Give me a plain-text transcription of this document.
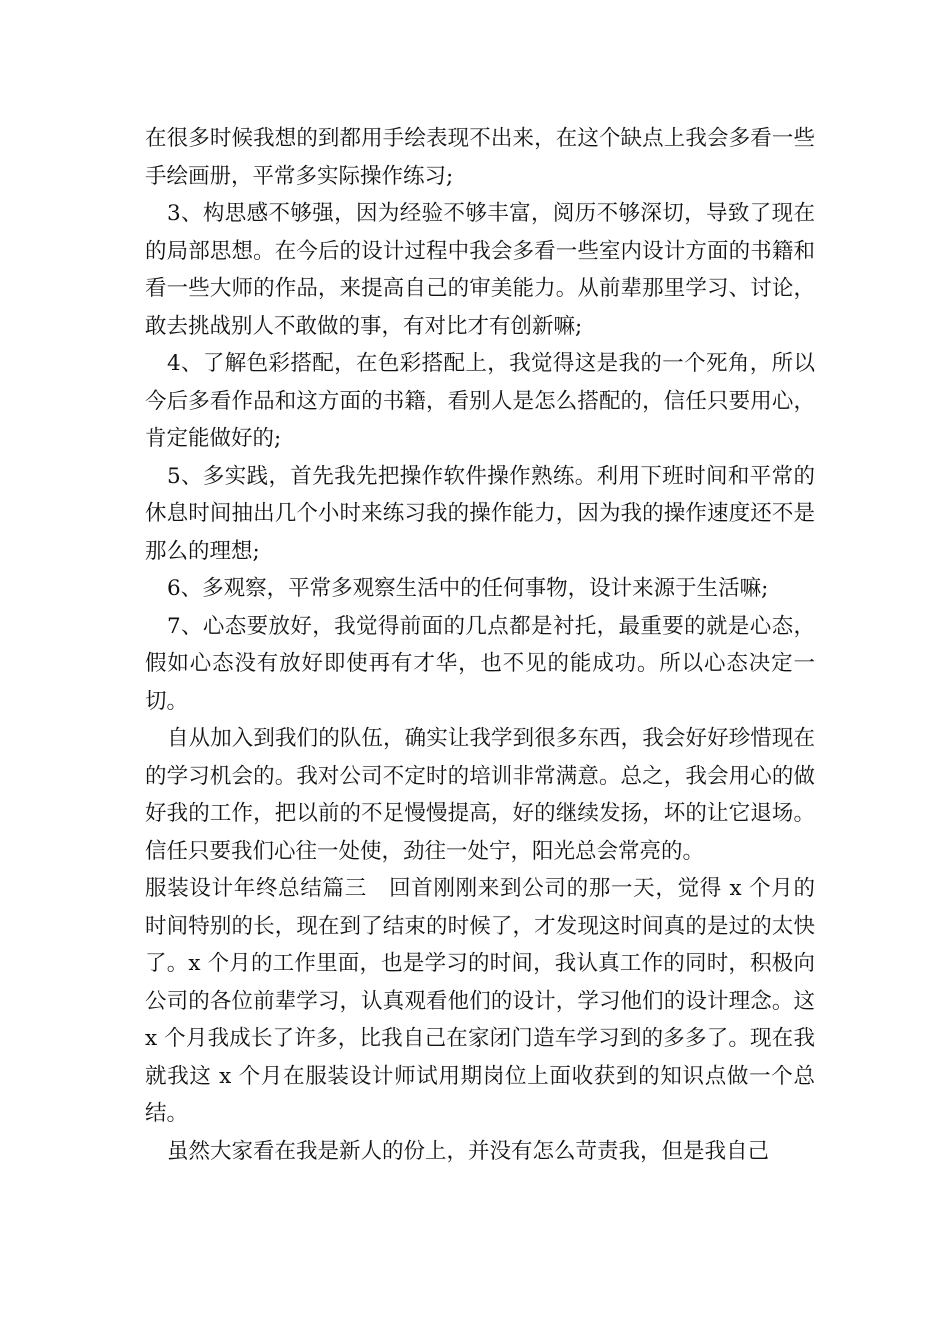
在很多时候我想的到都用手绘表现不出来，在这个缺点上我会多看一些手绘画册，平常多实际操作练习;

3、构思感不够强，因为经验不够丰富，阅历不够深切，导致了现在的局部思想。在今后的设计过程中我会多看一些室内设计方面的书籍和看一些大师的作品，来提高自己的审美能力。从前辈那里学习、讨论，敢去挑战别人不敢做的事，有对比才有创新嘛;

4、了解色彩搭配，在色彩搭配上，我觉得这是我的一个死角，所以今后多看作品和这方面的书籍，看别人是怎么搭配的，信任只要用心，肯定能做好的;

5、多实践，首先我先把操作软件操作熟练。利用下班时间和平常的休息时间抽出几个小时来练习我的操作能力，因为我的操作速度还不是那么的理想;

6、多观察，平常多观察生活中的任何事物，设计来源于生活嘛;

7、心态要放好，我觉得前面的几点都是衬托，最重要的就是心态，假如心态没有放好即使再有才华，也不见的能成功。所以心态决定一切。

自从加入到我们的队伍，确实让我学到很多东西，我会好好珍惜现在的学习机会的。我对公司不定时的培训非常满意。总之，我会用心的做好我的工作，把以前的不足慢慢提高，好的继续发扬，坏的让它退场。信任只要我们心往一处使，劲往一处宁，阳光总会常亮的。

服装设计年终总结篇三　回首刚刚来到公司的那一天，觉得 x 个月的时间特别的长，现在到了结束的时候了，才发现这时间真的是过的太快了。x 个月的工作里面，也是学习的时间，我认真工作的同时，积极向公司的各位前辈学习，认真观看他们的设计，学习他们的设计理念。这 x 个月我成长了许多，比我自己在家闭门造车学习到的多多了。现在我就我这 x 个月在服装设计师试用期岗位上面收获到的知识点做一个总结。

虽然大家看在我是新人的份上，并没有怎么苛责我，但是我自己
